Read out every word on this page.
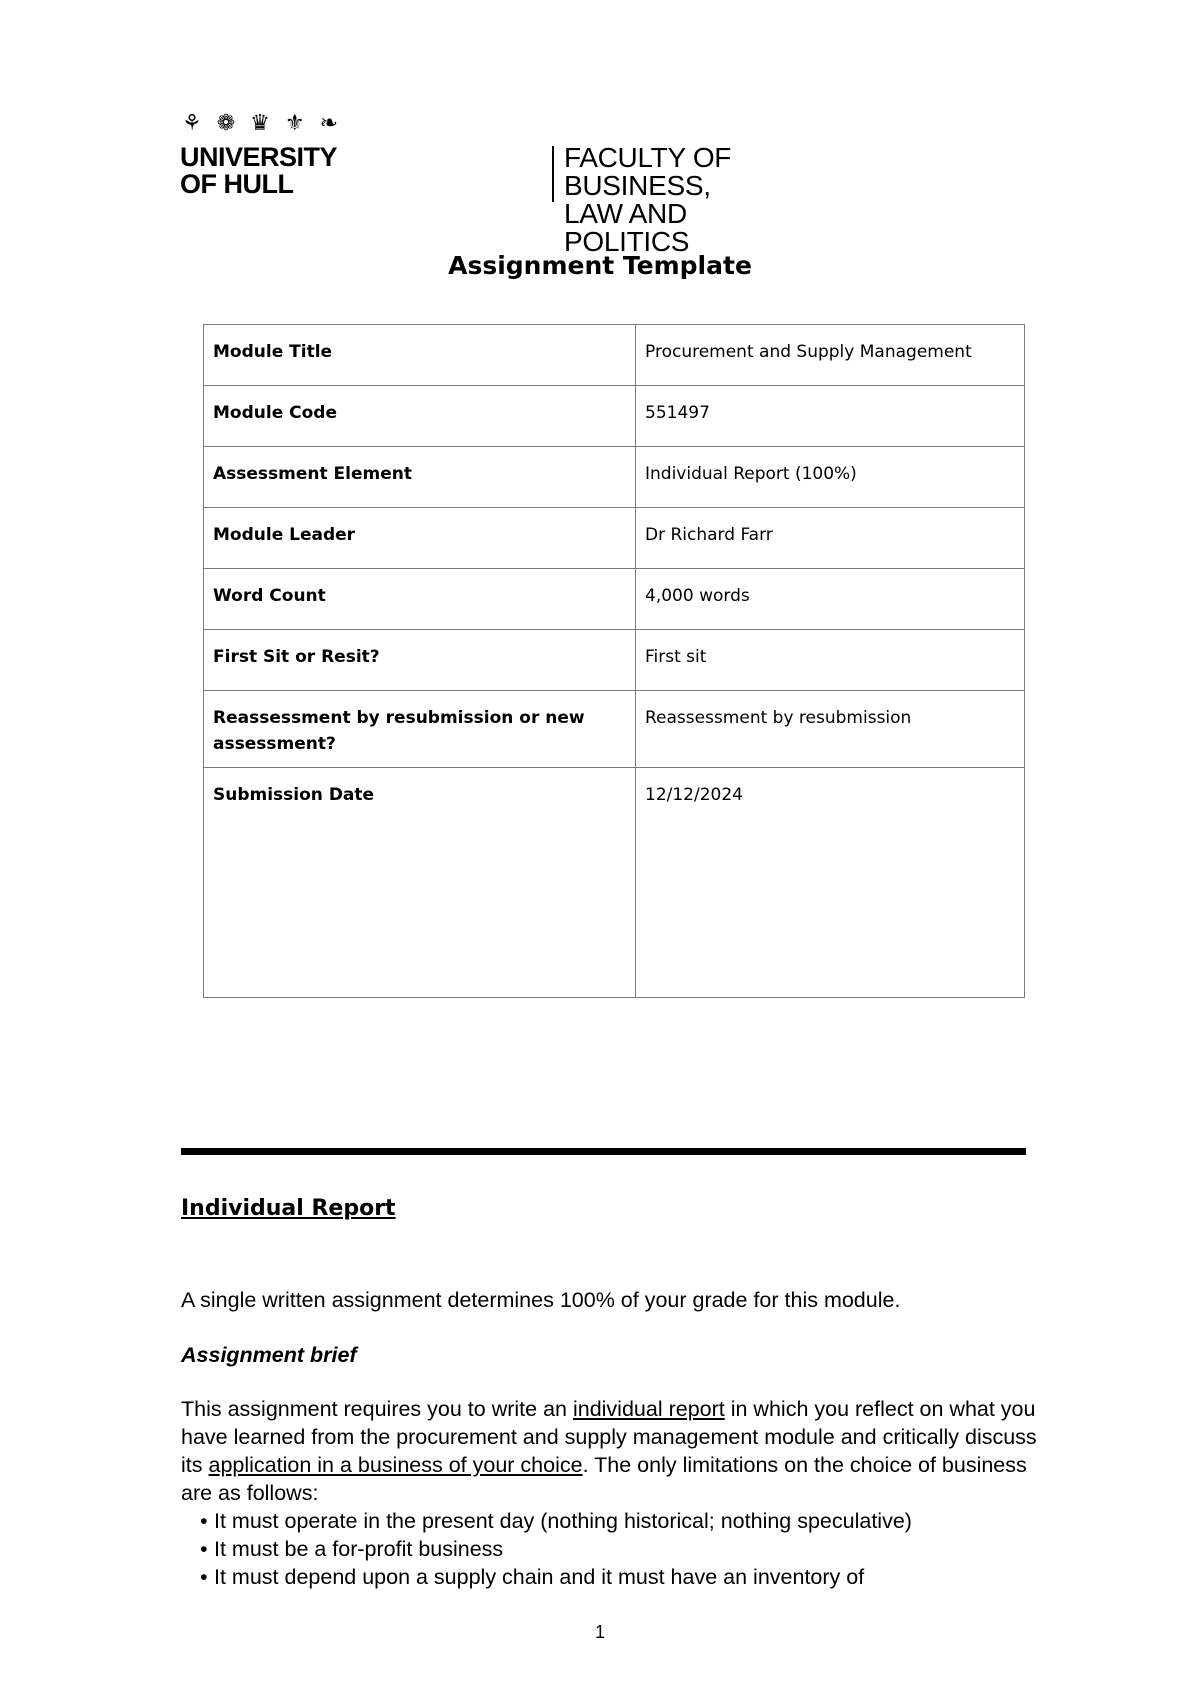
⚘ ❁ ♛ ⚜ ❧
UNIVERSITY
OF HULL
FACULTY OF BUSINESS,
LAW AND POLITICS
Assignment Template
Module Title	Procurement and Supply Management
Module Code	551497
Assessment Element	Individual Report (100%)
Module Leader	Dr Richard Farr
Word Count	4,000 words
First Sit or Resit?	First sit
Reassessment by resubmission or new assessment?	Reassessment by resubmission
Submission Date	12/12/2024
Individual Report
A single written assignment determines 100% of your grade for this module.
Assignment brief
This assignment requires you to write an individual report in which you reflect on what you have learned from the procurement and supply management module and critically discuss its application in a business of your choice. The only limitations on the choice of business are as follows:
• It must operate in the present day (nothing historical; nothing speculative)
• It must be a for-profit business
• It must depend upon a supply chain and it must have an inventory of
1
